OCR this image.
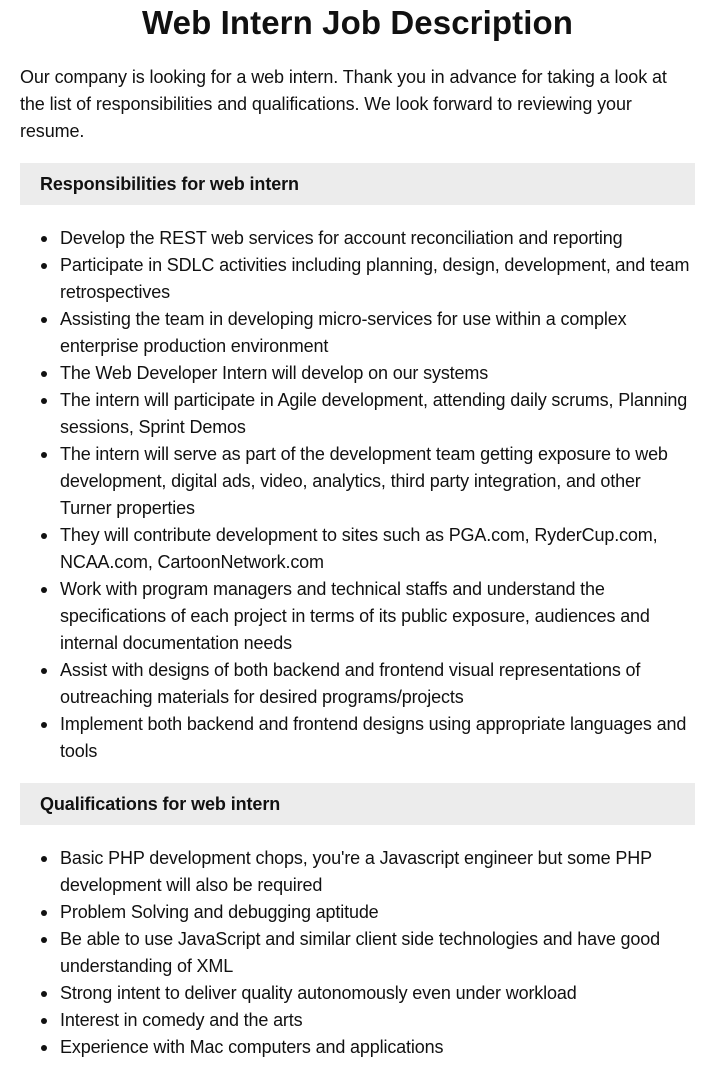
Web Intern Job Description

Our company is looking for a web intern. Thank you in advance for taking a look at the list of responsibilities and qualifications. We look forward to reviewing your resume.

Responsibilities for web intern
Develop the REST web services for account reconciliation and reporting
Participate in SDLC activities including planning, design, development, and team retrospectives
Assisting the team in developing micro-services for use within a complex enterprise production environment
The Web Developer Intern will develop on our systems
The intern will participate in Agile development, attending daily scrums, Planning sessions, Sprint Demos
The intern will serve as part of the development team getting exposure to web development, digital ads, video, analytics, third party integration, and other Turner properties
They will contribute development to sites such as PGA.com, RyderCup.com, NCAA.com, CartoonNetwork.com
Work with program managers and technical staffs and understand the specifications of each project in terms of its public exposure, audiences and internal documentation needs
Assist with designs of both backend and frontend visual representations of outreaching materials for desired programs/projects
Implement both backend and frontend designs using appropriate languages and tools
Qualifications for web intern
Basic PHP development chops, you're a Javascript engineer but some PHP development will also be required
Problem Solving and debugging aptitude
Be able to use JavaScript and similar client side technologies and have good understanding of XML
Strong intent to deliver quality autonomously even under workload
Interest in comedy and the arts
Experience with Mac computers and applications
